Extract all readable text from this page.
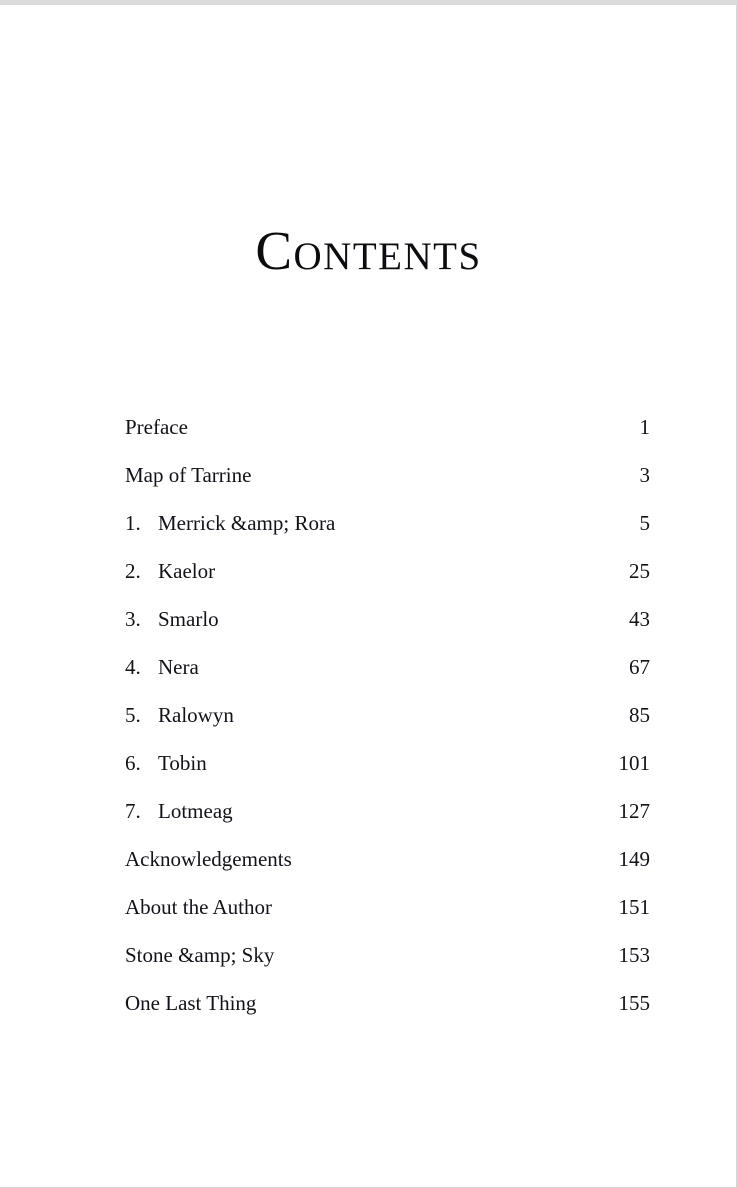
Contents
Preface	1
Map of Tarrine	3
1. Merrick &amp; Rora	5
2. Kaelor	25
3. Smarlo	43
4. Nera	67
5. Ralowyn	85
6. Tobin	101
7. Lotmeag	127
Acknowledgements	149
About the Author	151
Stone &amp; Sky	153
One Last Thing	155
